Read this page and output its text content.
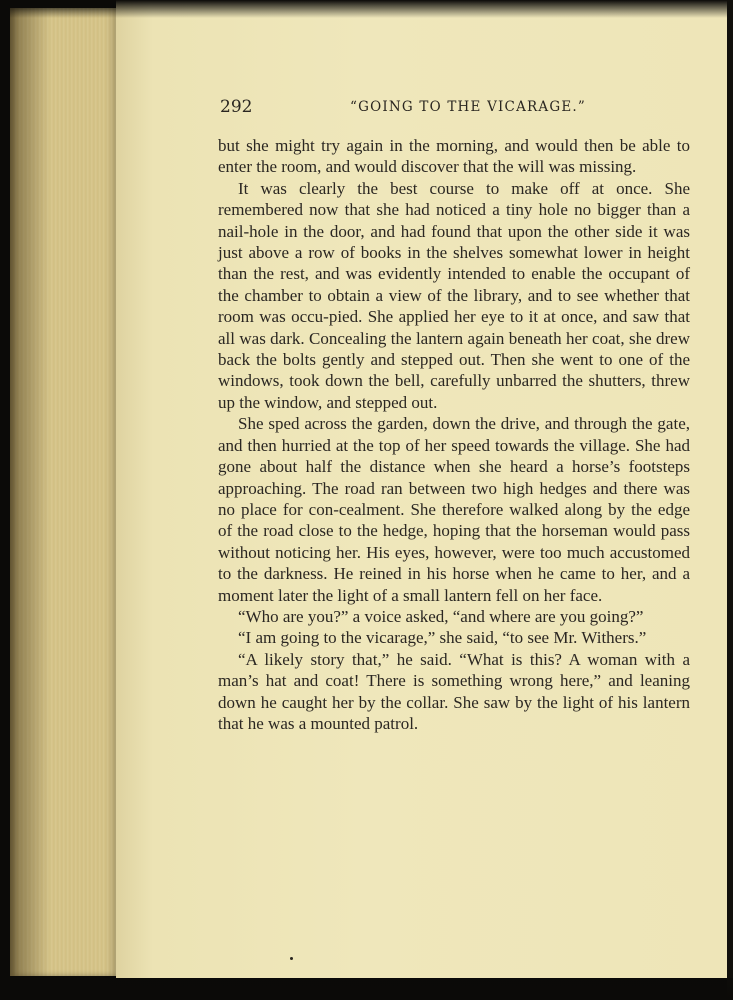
292	“GOING TO THE VICARAGE.”

but she might try again in the morning, and would then be able to enter the room, and would discover that the will was missing.

It was clearly the best course to make off at once. She remembered now that she had noticed a tiny hole no bigger than a nail-hole in the door, and had found that upon the other side it was just above a row of books in the shelves somewhat lower in height than the rest, and was evidently intended to enable the occupant of the chamber to obtain a view of the library, and to see whether that room was occu-pied. She applied her eye to it at once, and saw that all was dark. Concealing the lantern again beneath her coat, she drew back the bolts gently and stepped out. Then she went to one of the windows, took down the bell, carefully unbarred the shutters, threw up the window, and stepped out.

She sped across the garden, down the drive, and through the gate, and then hurried at the top of her speed towards the village. She had gone about half the distance when she heard a horse’s footsteps approaching. The road ran between two high hedges and there was no place for con-cealment. She therefore walked along by the edge of the road close to the hedge, hoping that the horseman would pass without noticing her. His eyes, however, were too much accustomed to the darkness. He reined in his horse when he came to her, and a moment later the light of a small lantern fell on her face.

“Who are you?” a voice asked, “and where are you going?”

“I am going to the vicarage,” she said, “to see Mr. Withers.”

“A likely story that,” he said. “What is this? A woman with a man’s hat and coat! There is something wrong here,” and leaning down he caught her by the collar. She saw by the light of his lantern that he was a mounted patrol.
